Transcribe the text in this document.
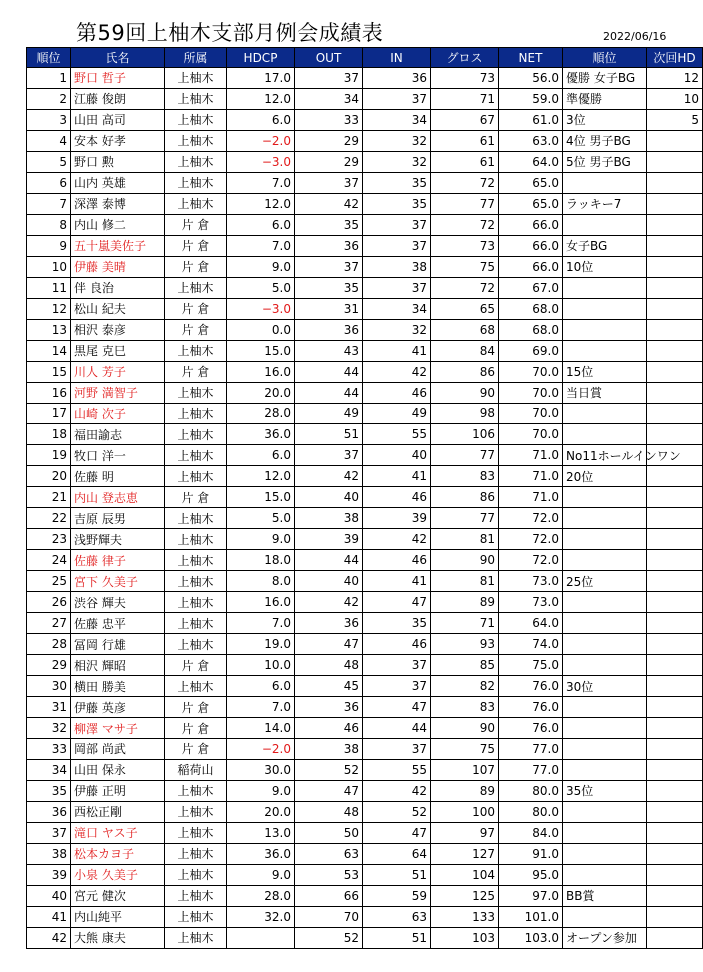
第59回上柚木支部月例会成績表	2022/06/16
順位	氏名	所属	HDCP	OUT	IN	グロス	NET	順位	次回HD
1	野口 哲子	上柚木	17.0	37	36	73	56.0	優勝 女子BG	12
2	江藤 俊朗	上柚木	12.0	34	37	71	59.0	準優勝	10
3	山田 高司	上柚木	6.0	33	34	67	61.0	3位	5
4	安本 好孝	上柚木	−2.0	29	32	61	63.0	4位 男子BG	
5	野口 勲	上柚木	−3.0	29	32	61	64.0	5位 男子BG	
6	山内 英雄	上柚木	7.0	37	35	72	65.0		
7	深澤 泰博	上柚木	12.0	42	35	77	65.0	ラッキー7	
8	内山 修二	片 倉	6.0	35	37	72	66.0		
9	五十嵐美佐子	片 倉	7.0	36	37	73	66.0	女子BG	
10	伊藤 美晴	片 倉	9.0	37	38	75	66.0	10位	
11	伴 良治	上柚木	5.0	35	37	72	67.0		
12	松山 紀夫	片 倉	−3.0	31	34	65	68.0		
13	相沢 泰彦	片 倉	0.0	36	32	68	68.0		
14	黒尾 克巳	上柚木	15.0	43	41	84	69.0		
15	川人 芳子	片 倉	16.0	44	42	86	70.0	15位	
16	河野 満智子	上柚木	20.0	44	46	90	70.0	当日賞	
17	山崎 次子	上柚木	28.0	49	49	98	70.0		
18	福田諭志	上柚木	36.0	51	55	106	70.0		
19	牧口 洋一	上柚木	6.0	37	40	77	71.0	No11ホールインワン	
20	佐藤 明	上柚木	12.0	42	41	83	71.0	20位	
21	内山 登志恵	片 倉	15.0	40	46	86	71.0		
22	吉原 辰男	上柚木	5.0	38	39	77	72.0		
23	浅野輝夫	上柚木	9.0	39	42	81	72.0		
24	佐藤 律子	上柚木	18.0	44	46	90	72.0		
25	宮下 久美子	上柚木	8.0	40	41	81	73.0	25位	
26	渋谷 輝夫	上柚木	16.0	42	47	89	73.0		
27	佐藤 忠平	上柚木	7.0	36	35	71	64.0		
28	冨岡 行雄	上柚木	19.0	47	46	93	74.0		
29	相沢 輝昭	片 倉	10.0	48	37	85	75.0		
30	横田 勝美	上柚木	6.0	45	37	82	76.0	30位	
31	伊藤 英彦	片 倉	7.0	36	47	83	76.0		
32	柳澤 マサ子	片 倉	14.0	46	44	90	76.0		
33	岡部 尚武	片 倉	−2.0	38	37	75	77.0		
34	山田 保永	稲荷山	30.0	52	55	107	77.0		
35	伊藤 正明	上柚木	9.0	47	42	89	80.0	35位	
36	西松正剛	上柚木	20.0	48	52	100	80.0		
37	滝口 ヤス子	上柚木	13.0	50	47	97	84.0		
38	松本カヨ子	上柚木	36.0	63	64	127	91.0		
39	小泉 久美子	上柚木	9.0	53	51	104	95.0		
40	宮元 健次	上柚木	28.0	66	59	125	97.0	BB賞	
41	内山純平	上柚木	32.0	70	63	133	101.0		
42	大熊 康夫	上柚木		52	51	103	103.0	オープン参加	
